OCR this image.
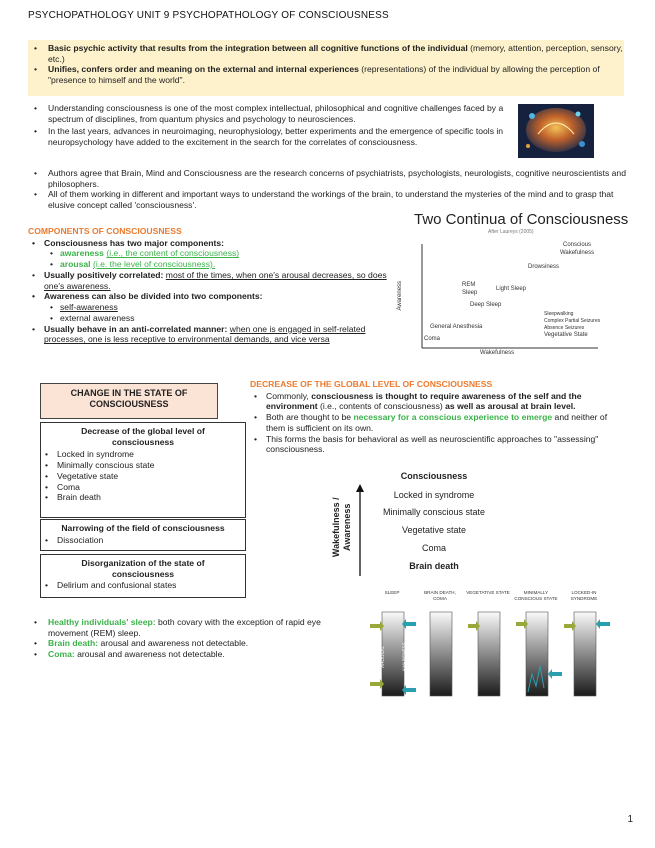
PSYCHOPATHOLOGY UNIT 9 PSYCHOPATHOLOGY OF CONSCIOUSNESS
• Basic psychic activity that results from the integration between all cognitive functions of the individual (memory, attention, perception, sensory, etc.)
• Unifies, confers order and meaning on the external and internal experiences (representations) of the individual by allowing the perception of "presence to himself and the world".
• Understanding consciousness is one of the most complex intellectual, philosophical and cognitive challenges faced by a spectrum of disciplines, from quantum physics and psychology to neurosciences.
• In the last years, advances in neuroimaging, neurophysiology, better experiments and the emergence of specific tools in neuropsychology have added to the excitement in the search for the correlates of consciousness.
• Authors agree that Brain, Mind and Consciousness are the research concerns of psychiatrists, psychologists, neurologists, cognitive neuroscientists and philosophers.
• All of them working in different and important ways to understand the workings of the brain, to understand the mysteries of the mind and to grasp that elusive concept called 'consciousness'.
COMPONENTS OF CONSCIOUSNESS
• Consciousness has two major components:
• awareness (i.e., the content of consciousness)
• arousal (i.e. the level of consciousness).
• Usually positively correlated: most of the times, when one's arousal decreases, so does one's awareness.
• Awareness can also be divided into two components:
• self-awareness
• external awareness
• Usually behave in an anti-correlated manner: when one is engaged in self-related processes, one is less receptive to environmental demands, and vice versa
Two Continua of Consciousness
After Laureys (2005)
Awareness
Wakefulness
Conscious Wakefulness
Drowsiness
REM Sleep
Light Sleep
Deep Sleep
General Anesthesia
Coma
Sleepwalking
Complex Partial Seizures
Absence Seizures
Vegetative State
CHANGE IN THE STATE OF CONSCIOUSNESS
Decrease of the global level of consciousness
• Locked in syndrome
• Minimally conscious state
• Vegetative state
• Coma
• Brain death
Narrowing of the field of consciousness
• Dissociation
Disorganization of the state of consciousness
• Delirium and confusional states
DECREASE OF THE GLOBAL LEVEL OF CONSCIOUSNESS
• Commonly, consciousness is thought to require awareness of the self and the environment (i.e., contents of consciousness) as well as arousal at brain level.
• Both are thought to be necessary for a conscious experience to emerge and neither of them is sufficient on its own.
• This forms the basis for behavioral as well as neuroscientific approaches to "assessing" consciousness.
Wakefulness / Awareness
Consciousness
Locked in syndrome
Minimally conscious state
Vegetative state
Coma
Brain death
SLEEP	BRAIN DEATH, COMA
VEGETATIVE STATE	MINIMALLY CONSCIOUS STATE
LOCKED-IN SYNDROME
AROUSAL	AWARENESS
• Healthy individuals' sleep: both covary with the exception of rapid eye movement (REM) sleep.
• Brain death: arousal and awareness not detectable.
• Coma: arousal and awareness not detectable.
1
